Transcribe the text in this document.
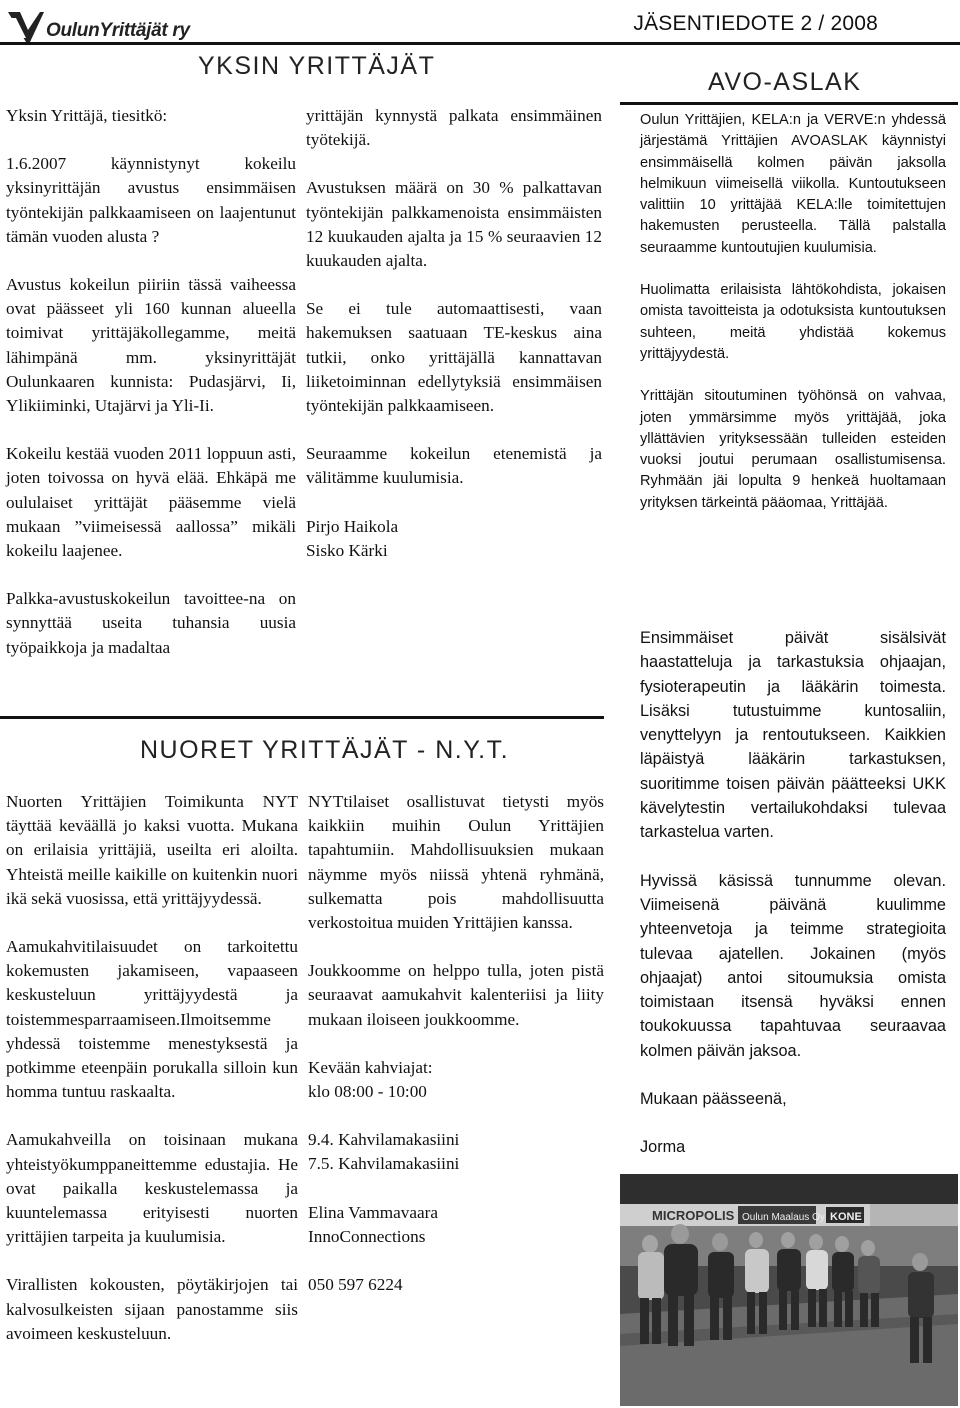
OulunYrittäjät ry	JÄSENTIEDOTE 2 / 2008
YKSIN YRITTÄJÄT
AVO-ASLAK

Yksin Yrittäjä, tiesitkö:

1.6.2007 käynnistynyt kokeilu yksinyrittäjän avustus ensimmäisen työntekijän palkkaamiseen on laajentunut tämän vuoden alusta ?

Avustus kokeilun piiriin tässä vaiheessa ovat päässeet yli 160 kunnan alueella toimivat yrittäjäkollegamme, meitä lähimpänä mm. yksinyrittäjät Oulunkaaren kunnista: Pudasjärvi, Ii, Ylikiiminki, Utajärvi ja Yli-Ii.

Kokeilu kestää vuoden 2011 loppuun asti, joten toivossa on hyvä elää. Ehkäpä me oululaiset yrittäjät pääsemme vielä mukaan ”viimeisessä aallossa” mikäli kokeilu laajenee.

Palkka-avustuskokeilun tavoittee-na on synnyttää useita tuhansia uusia työpaikkoja ja madaltaa

yrittäjän kynnystä palkata ensimmäinen työtekijä.

Avustuksen määrä on 30 % palkattavan työntekijän palkkamenoista ensimmäisten 12 kuukauden ajalta ja 15 % seuraavien 12 kuukauden ajalta.

Se ei tule automaattisesti, vaan hakemuksen saatuaan TE-keskus aina tutkii, onko yrittäjällä kannattavan liiketoiminnan edellytyksiä ensimmäisen työntekijän palkkaamiseen.

Seuraamme kokeilun etenemistä ja välitämme kuulumisia.

Pirjo Haikola
Sisko Kärki

Oulun Yrittäjien, KELA:n ja VERVE:n yhdessä järjestämä Yrittäjien AVOASLAK käynnistyi ensimmäisellä kolmen päivän jaksolla helmikuun viimeisellä viikolla. Kuntoutukseen valittiin 10 yrittäjää KELA:lle toimitettujen hakemusten perusteella. Tällä palstalla seuraamme kuntoutujien kuulumisia.

Huolimatta erilaisista lähtökohdista, jokaisen omista tavoitteista ja odotuksista kuntoutuksen suhteen, meitä yhdistää kokemus yrittäjyydestä.

Yrittäjän sitoutuminen työhönsä on vahvaa, joten ymmärsimme myös yrittäjää, joka yllättävien yrityksessään tulleiden esteiden vuoksi joutui perumaan osallistumisensa. Ryhmään jäi lopulta 9 henkeä huoltamaan yrityksen tärkeintä pääomaa, Yrittäjää.

Ensimmäiset päivät sisälsivät haastatteluja ja tarkastuksia ohjaajan, fysioterapeutin ja lääkärin toimesta. Lisäksi tutustuimme kuntosaliin, venyttelyyn ja rentoutukseen. Kaikkien läpäistyä lääkärin tarkastuksen, suoritimme toisen päivän päätteeksi UKK kävelytestin vertailukohdaksi tulevaa tarkastelua varten.

Hyvissä käsissä tunnumme olevan. Viimeisenä päivänä kuulimme yhteenvetoja ja teimme strategioita tulevaa ajatellen. Jokainen (myös ohjaajat) antoi sitoumuksia omista toimistaan itsensä hyväksi ennen toukokuussa tapahtuvaa seuraavaa kolmen päivän jaksoa.

Mukaan päässeenä,

Jorma

NUORET YRITTÄJÄT - N.Y.T.

Nuorten Yrittäjien Toimikunta NYT täyttää keväällä jo kaksi vuotta. Mukana on erilaisia yrittäjiä, useilta eri aloilta. Yhteistä meille kaikille on kuitenkin nuori ikä sekä vuosissa, että yrittäjyydessä.

Aamukahvitilaisuudet on tarkoitettu kokemusten jakamiseen, vapaaseen keskusteluun yrittäjyydestä ja toistemmesparraamiseen.Ilmoitsemme yhdessä toistemme menestyksestä ja potkimme eteenpäin porukalla silloin kun homma tuntuu raskaalta.

Aamukahveilla on toisinaan mukana yhteistyökumppaneittemme edustajia. He ovat paikalla keskustelemassa ja kuuntelemassa erityisesti nuorten yrittäjien tarpeita ja kuulumisia.

Virallisten kokousten, pöytäkirjojen tai kalvosulkeisten sijaan panostamme siis avoimeen keskusteluun.

NYTtilaiset osallistuvat tietysti myös kaikkiin muihin Oulun Yrittäjien tapahtumiin. Mahdollisuuksien mukaan näymme myös niissä yhtenä ryhmänä, sulkematta pois mahdollisuutta verkostoitua muiden Yrittäjien kanssa.

Joukkoomme on helppo tulla, joten pistä seuraavat aamukahvit kalenteriisi ja liity mukaan iloiseen joukkoomme.

Kevään kahviajat:
klo 08:00 - 10:00

9.4. Kahvilamakasiini
7.5. Kahvilamakasiini

Elina Vammavaara
InnoConnections

050 597 6224

MICROPOLIS Oulun Maalaus Oy KONE
